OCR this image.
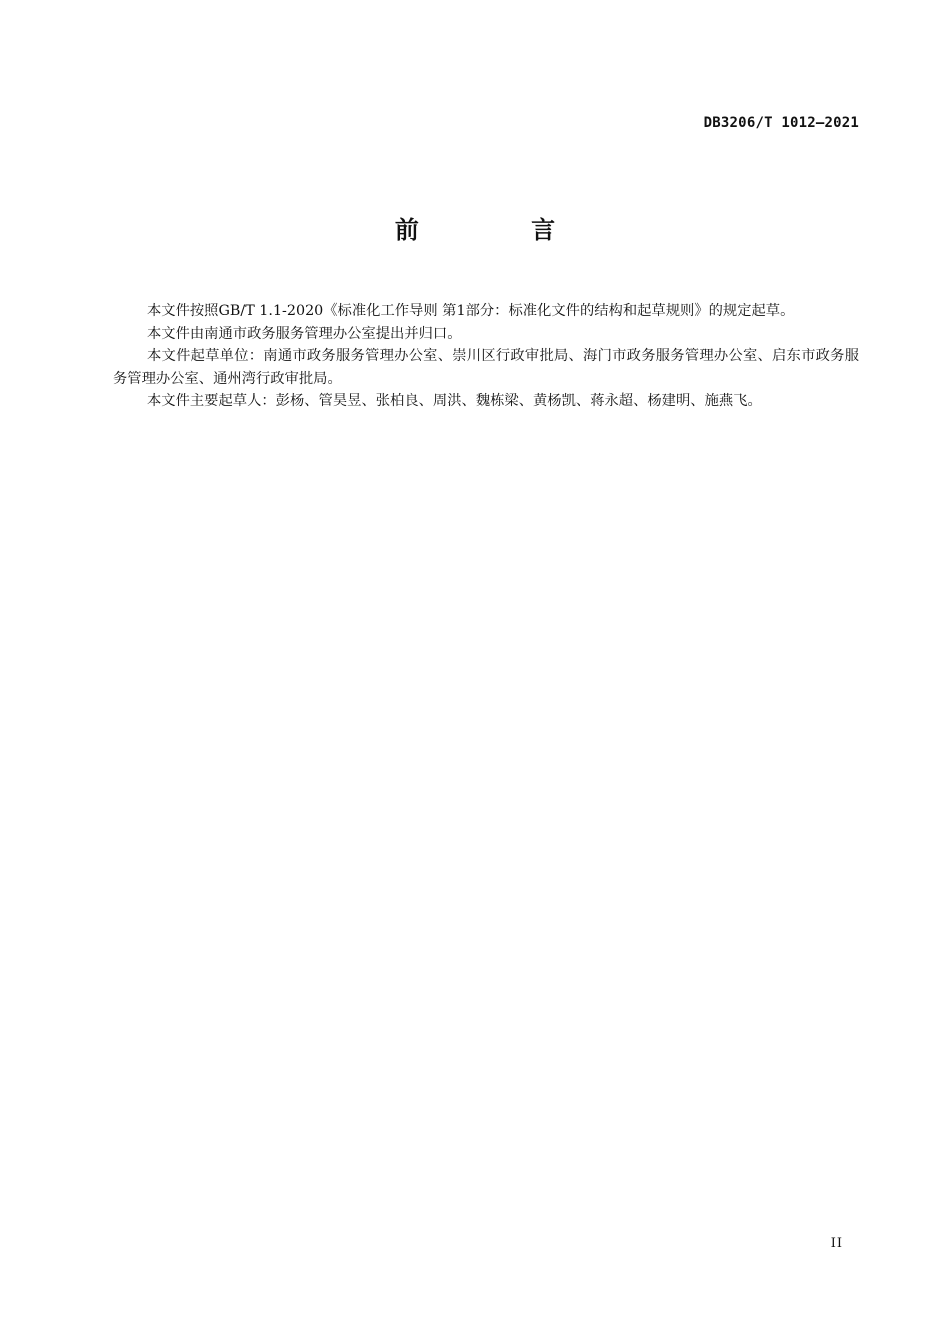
DB3206/T 1012—2021
前 言

本文件按照GB/T 1.1-2020《标准化工作导则 第1部分：标准化文件的结构和起草规则》的规定起草。

本文件由南通市政务服务管理办公室提出并归口。

本文件起草单位：南通市政务服务管理办公室、崇川区行政审批局、海门市政务服务管理办公室、启东市政务服务管理办公室、通州湾行政审批局。

本文件主要起草人：彭杨、管昊昱、张柏良、周洪、魏栋梁、黄杨凯、蒋永超、杨建明、施燕飞。

II
